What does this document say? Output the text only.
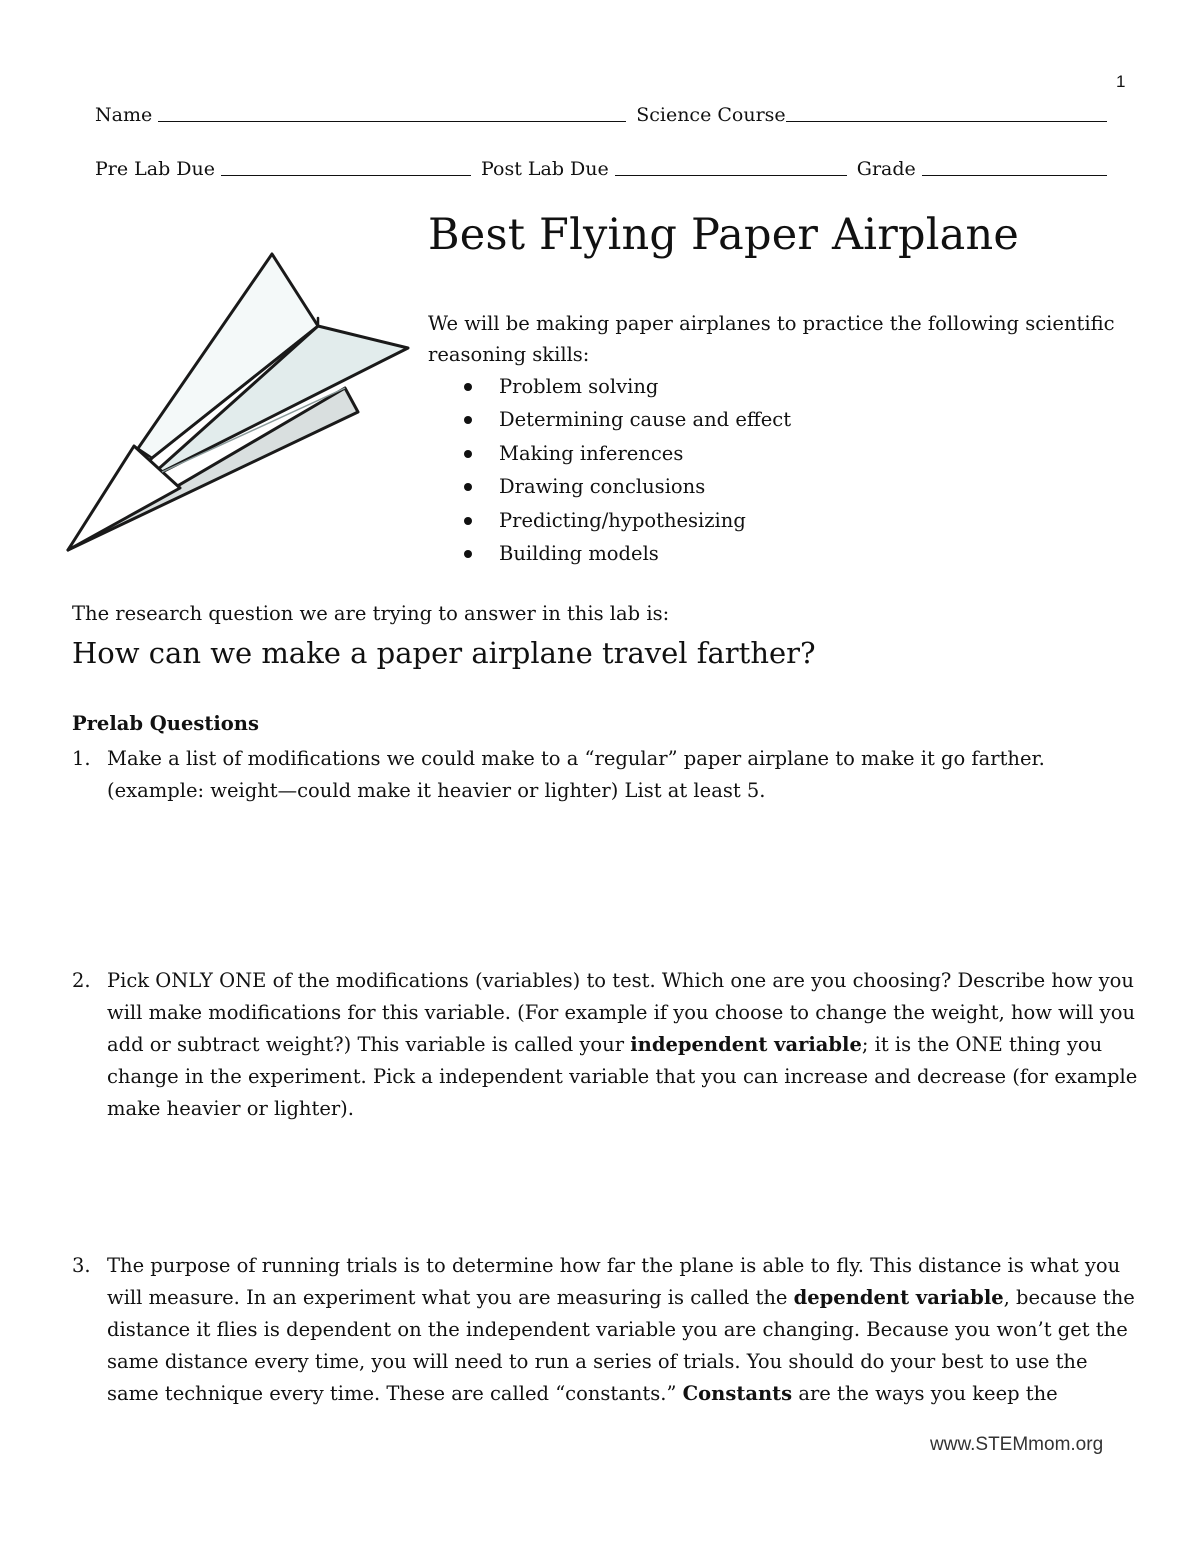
1
Name	Science Course
Pre Lab Due	Post Lab Due	Grade
Best Flying Paper Airplane
We will be making paper airplanes to practice the following scientific reasoning skills:
Problem solving
Determining cause and effect
Making inferences
Drawing conclusions
Predicting/hypothesizing
Building models
The research question we are trying to answer in this lab is:
How can we make a paper airplane travel farther?
Prelab Questions
1. Make a list of modifications we could make to a “regular” paper airplane to make it go farther. (example: weight—could make it heavier or lighter) List at least 5.
2. Pick ONLY ONE of the modifications (variables) to test. Which one are you choosing? Describe how you will make modifications for this variable. (For example if you choose to change the weight, how will you add or subtract weight?) This variable is called your independent variable; it is the ONE thing you change in the experiment. Pick a independent variable that you can increase and decrease (for example make heavier or lighter).
3. The purpose of running trials is to determine how far the plane is able to fly. This distance is what you will measure. In an experiment what you are measuring is called the dependent variable, because the distance it flies is dependent on the independent variable you are changing. Because you won’t get the same distance every time, you will need to run a series of trials. You should do your best to use the same technique every time. These are called “constants.” Constants are the ways you keep the
www.STEMmom.org
